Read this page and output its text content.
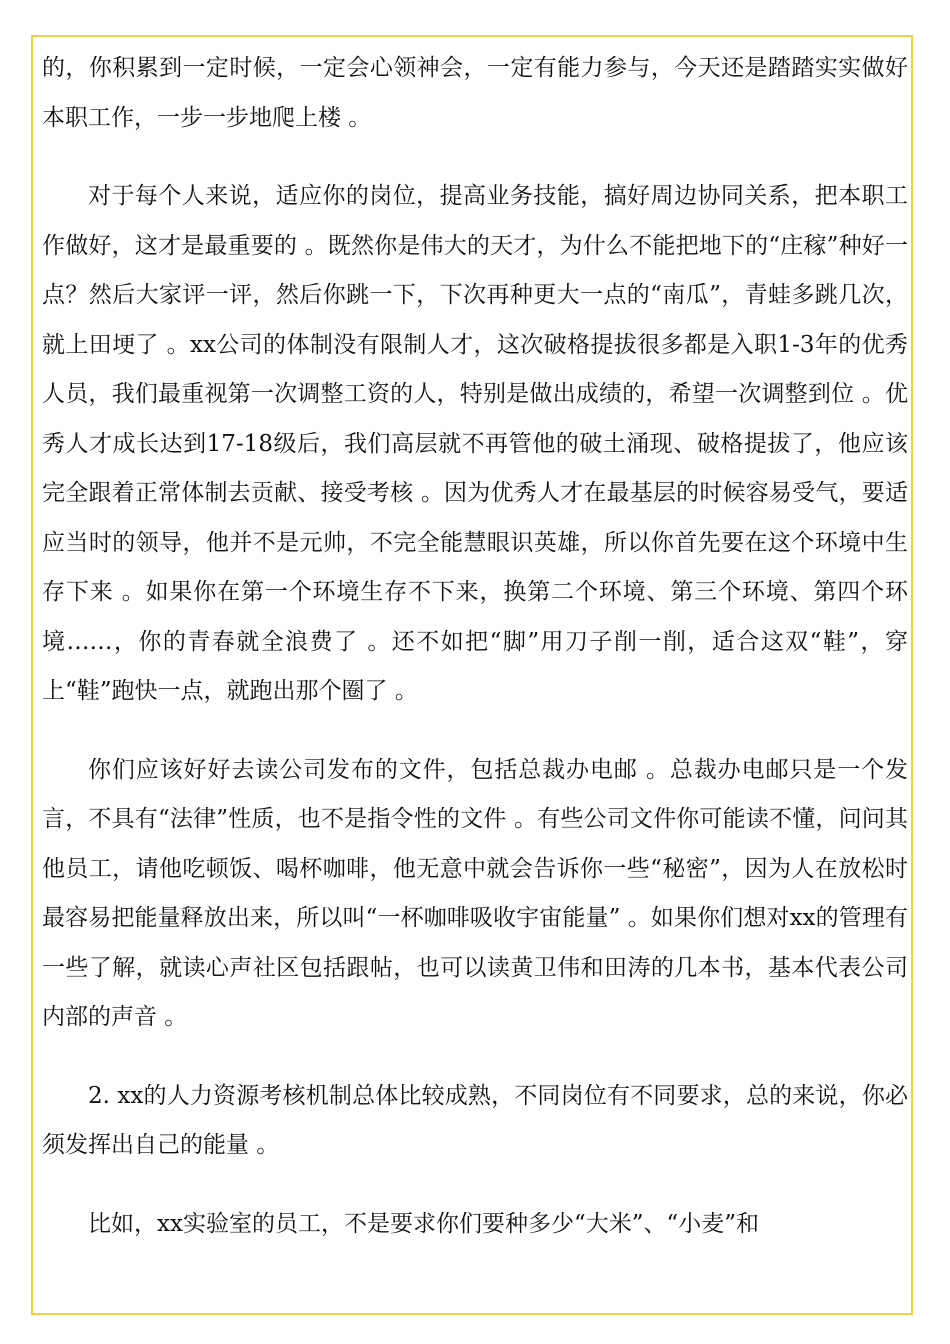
的，你积累到一定时候，一定会心领神会，一定有能力参与，今天还是踏踏实实做好本职工作，一步一步地爬上楼 。

对于每个人来说，适应你的岗位，提高业务技能，搞好周边协同关系，把本职工作做好，这才是最重要的 。既然你是伟大的天才，为什么不能把地下的“庄稼”种好一点？然后大家评一评，然后你跳一下，下次再种更大一点的“南瓜”，青蛙多跳几次，就上田埂了 。xx公司的体制没有限制人才，这次破格提拔很多都是入职1-3年的优秀人员，我们最重视第一次调整工资的人，特别是做出成绩的，希望一次调整到位 。优秀人才成长达到17-18级后，我们高层就不再管他的破土涌现、破格提拔了，他应该完全跟着正常体制去贡献、接受考核 。因为优秀人才在最基层的时候容易受气，要适应当时的领导，他并不是元帅，不完全能慧眼识英雄，所以你首先要在这个环境中生存下来 。如果你在第一个环境生存不下来，换第二个环境、第三个环境、第四个环境……，你的青春就全浪费了 。还不如把“脚”用刀子削一削，适合这双“鞋”，穿上“鞋”跑快一点，就跑出那个圈了 。

你们应该好好去读公司发布的文件，包括总裁办电邮 。总裁办电邮只是一个发言，不具有“法律”性质，也不是指令性的文件 。有些公司文件你可能读不懂，问问其他员工，请他吃顿饭、喝杯咖啡，他无意中就会告诉你一些“秘密”，因为人在放松时最容易把能量释放出来，所以叫“一杯咖啡吸收宇宙能量” 。如果你们想对xx的管理有一些了解，就读心声社区包括跟帖，也可以读黄卫伟和田涛的几本书，基本代表公司内部的声音 。

2. xx的人力资源考核机制总体比较成熟，不同岗位有不同要求，总的来说，你必须发挥出自己的能量 。

比如，xx实验室的员工，不是要求你们要种多少“大米”、“小麦”和
